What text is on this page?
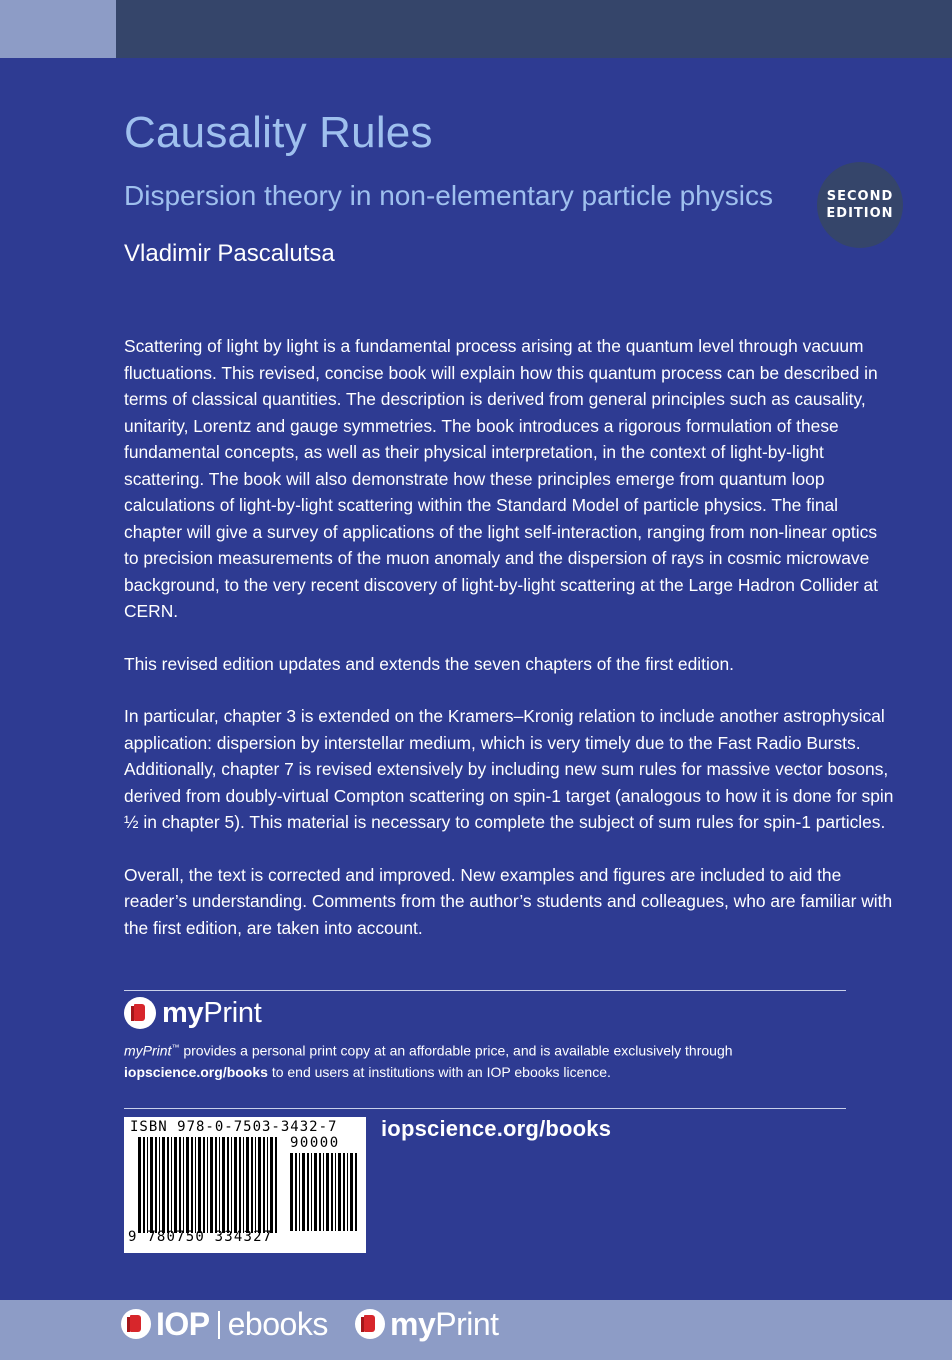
Causality Rules
Dispersion theory in non-elementary particle physics
Vladimir Pascalutsa
SECOND
EDITION

Scattering of light by light is a fundamental process arising at the quantum level through vacuum fluctuations. This revised, concise book will explain how this quantum process can be described in terms of classical quantities. The description is derived from general principles such as causality, unitarity, Lorentz and gauge symmetries. The book introduces a rigorous formulation of these fundamental concepts, as well as their physical interpretation, in the context of light-by-light scattering. The book will also demonstrate how these principles emerge from quantum loop calculations of light-by-light scattering within the Standard Model of particle physics. The final chapter will give a survey of applications of the light self-interaction, ranging from non-linear optics to precision measurements of the muon anomaly and the dispersion of rays in cosmic microwave background, to the very recent discovery of light-by-light scattering at the Large Hadron Collider at CERN.

This revised edition updates and extends the seven chapters of the first edition.

In particular, chapter 3 is extended on the Kramers–Kronig relation to include another astrophysical application: dispersion by interstellar medium, which is very timely due to the Fast Radio Bursts. Additionally, chapter 7 is revised extensively by including new sum rules for massive vector bosons, derived from doubly-virtual Compton scattering on spin-1 target (analogous to how it is done for spin ½ in chapter 5). This material is necessary to complete the subject of sum rules for spin-1 particles.

Overall, the text is corrected and improved. New examples and figures are included to aid the reader’s understanding. Comments from the author’s students and colleagues, who are familiar with the first edition, are taken into account.

myPrint
myPrint™ provides a personal print copy at an affordable price, and is available exclusively through
iopscience.org/books to end users at institutions with an IOP ebooks licence.
ISBN 978-0-7503-3432-7
90000
9 780750 334327
iopscience.org/books
IOP ebooks myPrint
